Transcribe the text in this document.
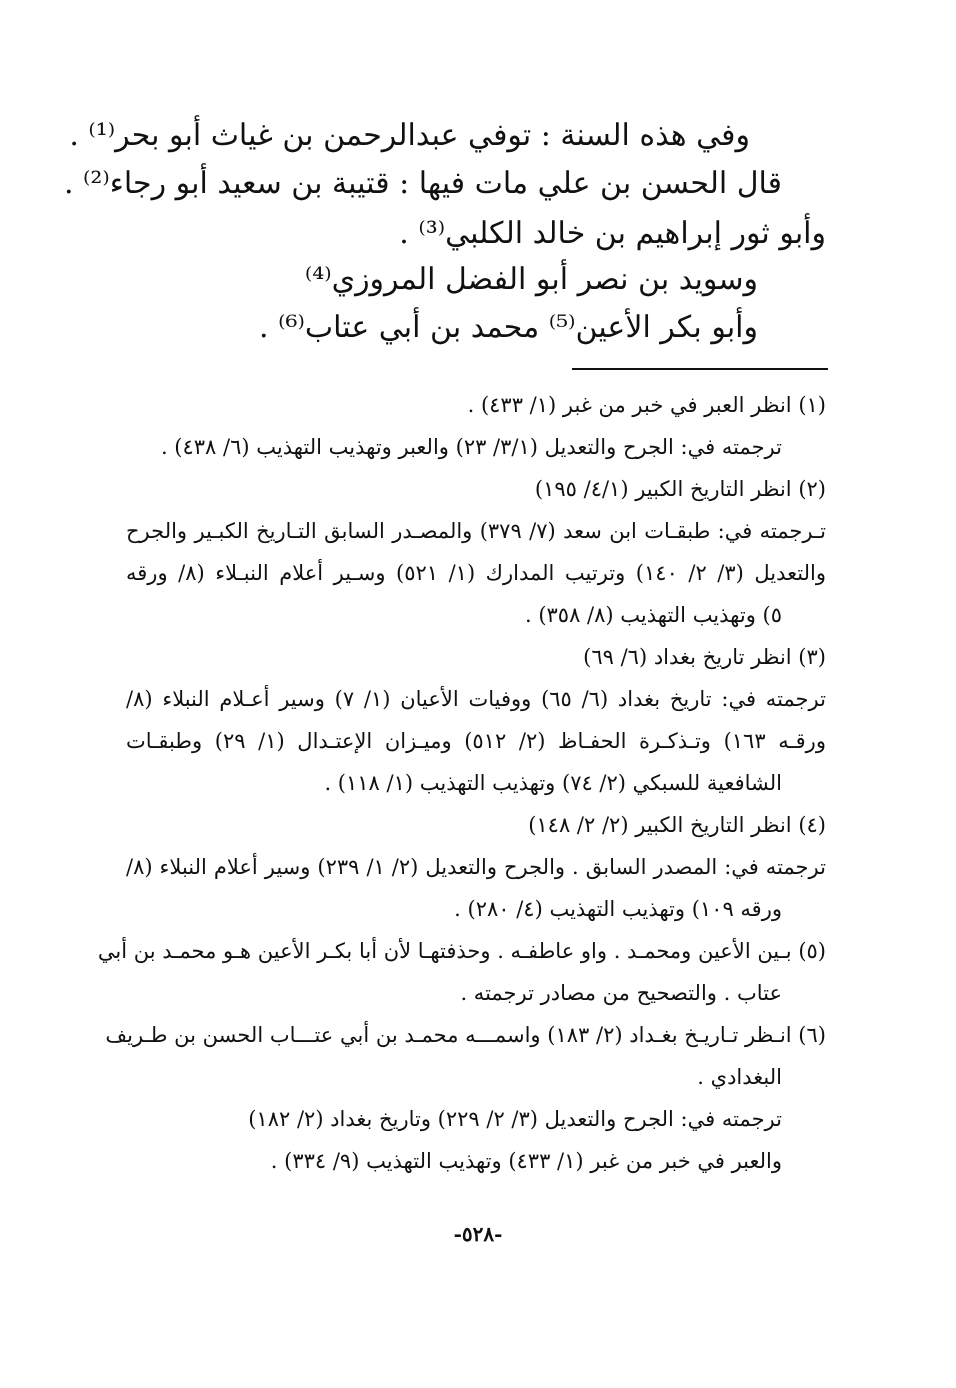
وفي هذه السنة : توفي عبدالرحمن بن غياث أبو بحر⁽¹⁾ .
قال الحسن بن علي مات فيها : قتيبة بن سعيد أبو رجاء⁽²⁾ .
وأبو ثور إبراهيم بن خالد الكلبي⁽³⁾ .
وسويد بن نصر أبو الفضل المروزي⁽⁴⁾
وأبو بكر الأعين⁽⁵⁾ محمد بن أبي عتاب⁽⁶⁾ .
(١) انظر العبر في خبر من غبر (١/ ٤٣٣) .
ترجمته في: الجرح والتعديل (٣/١/ ٢٣) والعبر وتهذيب التهذيب (٦/ ٤٣٨) .
(٢) انظر التاريخ الكبير (٤/١/ ١٩٥)
تـرجمته في: طبقـات ابن سعد (٧/ ٣٧٩) والمصـدر السابق التـاريخ الكبـير والجرح
والتعديل (٣/ ٢/ ١٤٠) وترتيب المدارك (١/ ٥٢١) وسـير أعلام النبـلاء (٨/ ورقه
٥) وتهذيب التهذيب (٨/ ٣٥٨) .
(٣) انظر تاريخ بغداد (٦/ ٦٩)
ترجمته في: تاريخ بغداد (٦/ ٦٥) ووفيات الأعيان (١/ ٧) وسير أعـلام النبلاء (٨/
ورقـه ١٦٣) وتـذكـرة الحفـاظ (٢/ ٥١٢) وميـزان الإعتـدال (١/ ٢٩) وطبقـات
الشافعية للسبكي (٢/ ٧٤) وتهذيب التهذيب (١/ ١١٨) .
(٤) انظر التاريخ الكبير (٢/ ٢/ ١٤٨)
ترجمته في: المصدر السابق . والجرح والتعديل (٢/ ١/ ٢٣٩) وسير أعلام النبلاء (٨/
ورقه ١٠٩) وتهذيب التهذيب (٤/ ٢٨٠) .
(٥) بـين الأعين ومحمـد . واو عاطفـه . وحذفتهـا لأن أبا بكـر الأعين هـو محمـد بن أبي
عتاب . والتصحيح من مصادر ترجمته .
(٦) انـظر تـاريـخ بغـداد (٢/ ١٨٣) واسمـــه محمـد بن أبي عتـــاب الحسن بن طـريف
البغدادي .
ترجمته في: الجرح والتعديل (٣/ ٢/ ٢٢٩) وتاريخ بغداد (٢/ ١٨٢)
والعبر في خبر من غبر (١/ ٤٣٣) وتهذيب التهذيب (٩/ ٣٣٤) .
-٥٢٨-
